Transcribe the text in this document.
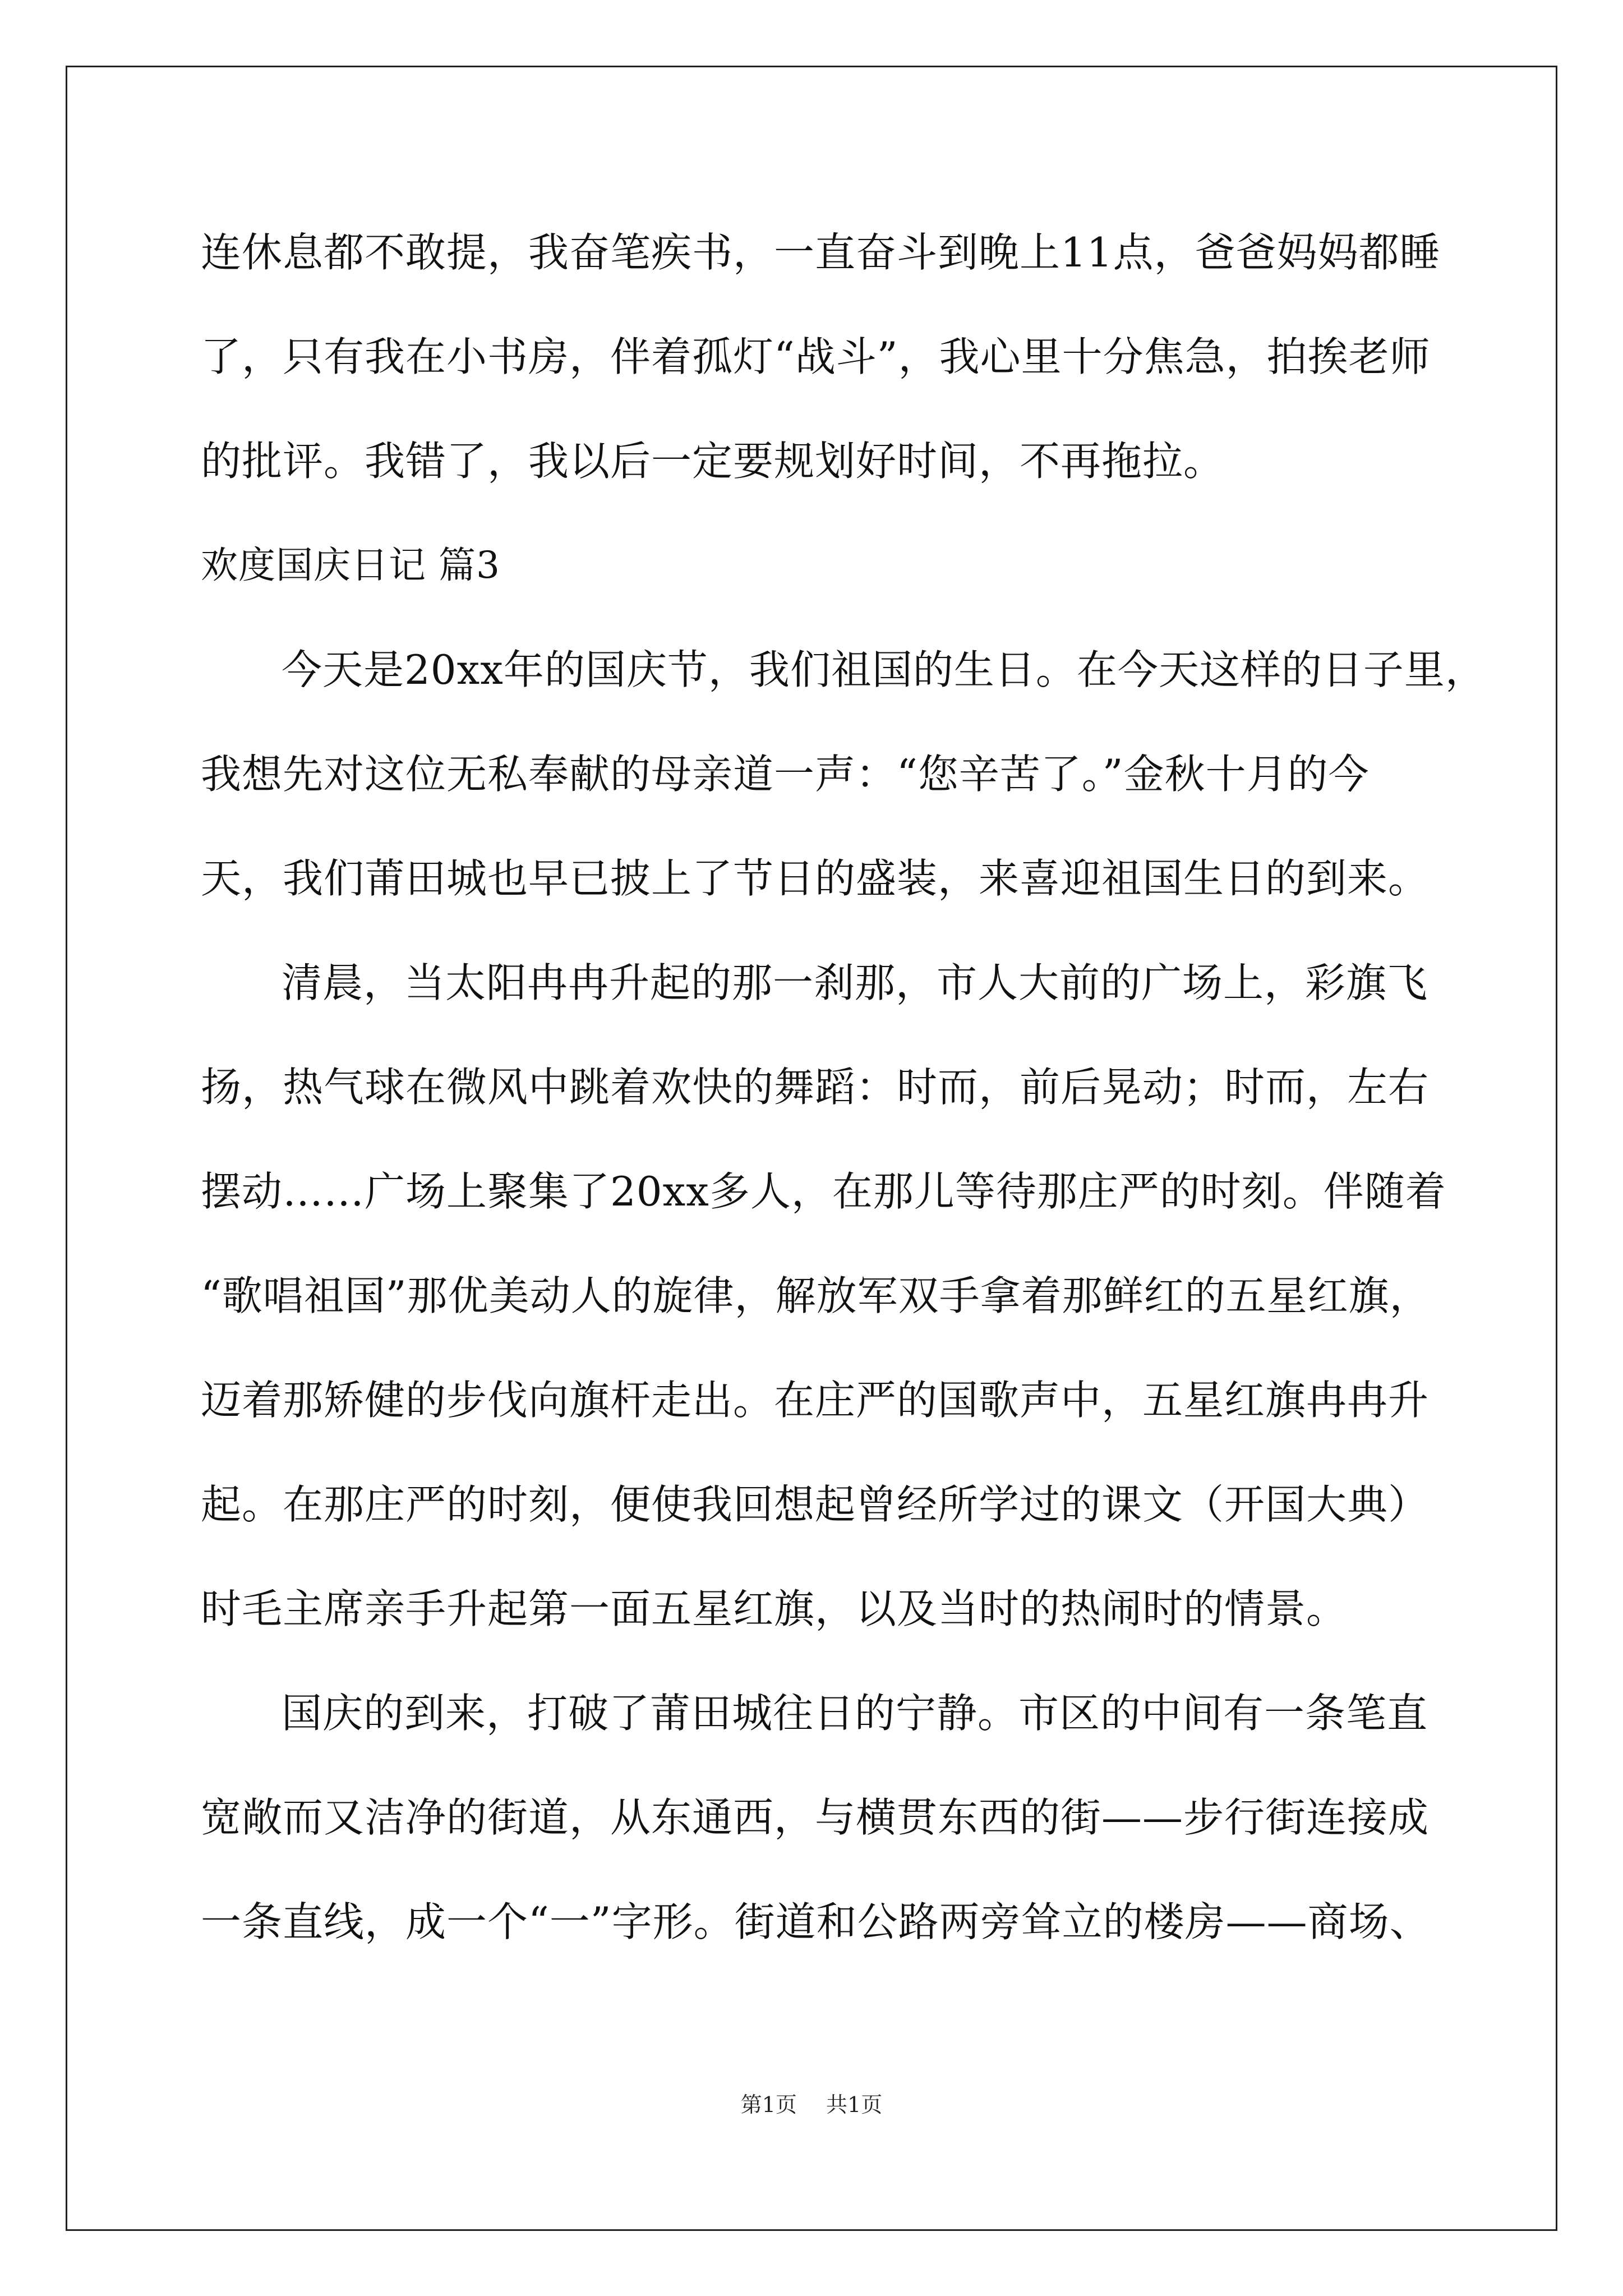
连休息都不敢提，我奋笔疾书，一直奋斗到晚上11点，爸爸妈妈都睡
了，只有我在小书房，伴着孤灯“战斗”，我心里十分焦急，拍挨老师
的批评。我错了，我以后一定要规划好时间，不再拖拉。
欢度国庆日记 篇3
今天是20xx年的国庆节，我们祖国的生日。在今天这样的日子里，
我想先对这位无私奉献的母亲道一声：“您辛苦了。”金秋十月的今
天，我们莆田城也早已披上了节日的盛装，来喜迎祖国生日的到来。
清晨，当太阳冉冉升起的那一刹那，市人大前的广场上，彩旗飞
扬，热气球在微风中跳着欢快的舞蹈：时而，前后晃动；时而，左右
摆动……广场上聚集了20xx多人，在那儿等待那庄严的时刻。伴随着
“歌唱祖国”那优美动人的旋律，解放军双手拿着那鲜红的五星红旗，
迈着那矫健的步伐向旗杆走出。在庄严的国歌声中，五星红旗冉冉升
起。在那庄严的时刻，便使我回想起曾经所学过的课文（开国大典）
时毛主席亲手升起第一面五星红旗，以及当时的热闹时的情景。
国庆的到来，打破了莆田城往日的宁静。市区的中间有一条笔直
宽敞而又洁净的街道，从东通西，与横贯东西的街——步行街连接成
一条直线，成一个“一”字形。街道和公路两旁耸立的楼房——商场、
第1页 共1页
